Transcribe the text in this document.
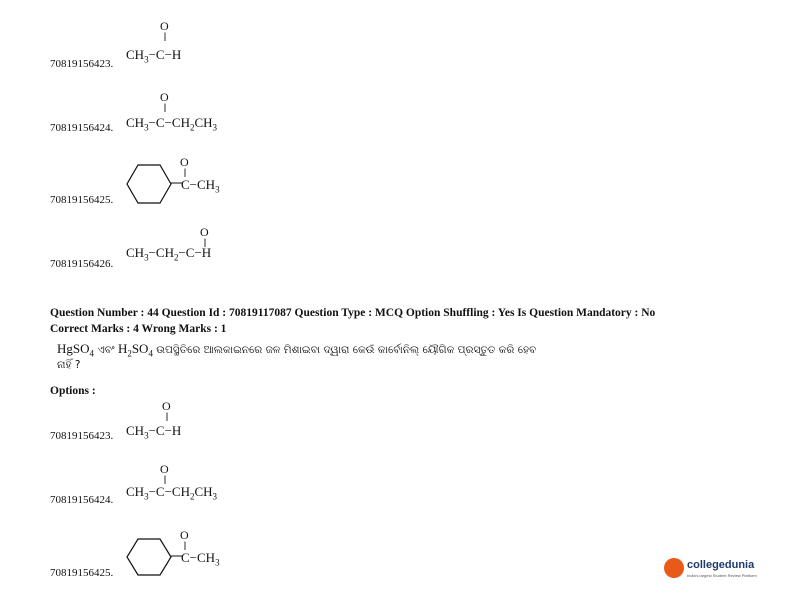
70819156423.
O
||
$CH_3-C-H$
70819156424.
O
||
$CH_3-C-CH_2CH_3$
O
||
$C-CH_3$
70819156425.
O
||
$CH_3-CH_2-C-H$
70819156426.
Question Number : 44 Question Id : 70819117087 Question Type : MCQ Option Shuffling : Yes Is Question Mandatory : No
Correct Marks : 4 Wrong Marks : 1
HgSO$_4$ ଏବଂ $H_2SO_4$ ଉପସ୍ଥିତିରେ ଆଲକାଇନରେ ଜଳ ମିଶାଇବା ଦ୍ୱାରା କେଉଁ କାର୍ବୋନିଲ୍ ୟୌଗିକ ପ୍ରସ୍ତୁତ କରି ହେବ
ନାହିଁ ?
Options :
O
||
$CH_3-C-H$
70819156423.
O
||
$CH_3-C-CH_2CH_3$
70819156424.
O
||
$C-CH_3$
70819156425.
collegedunia
India's largest Student Review Platform
